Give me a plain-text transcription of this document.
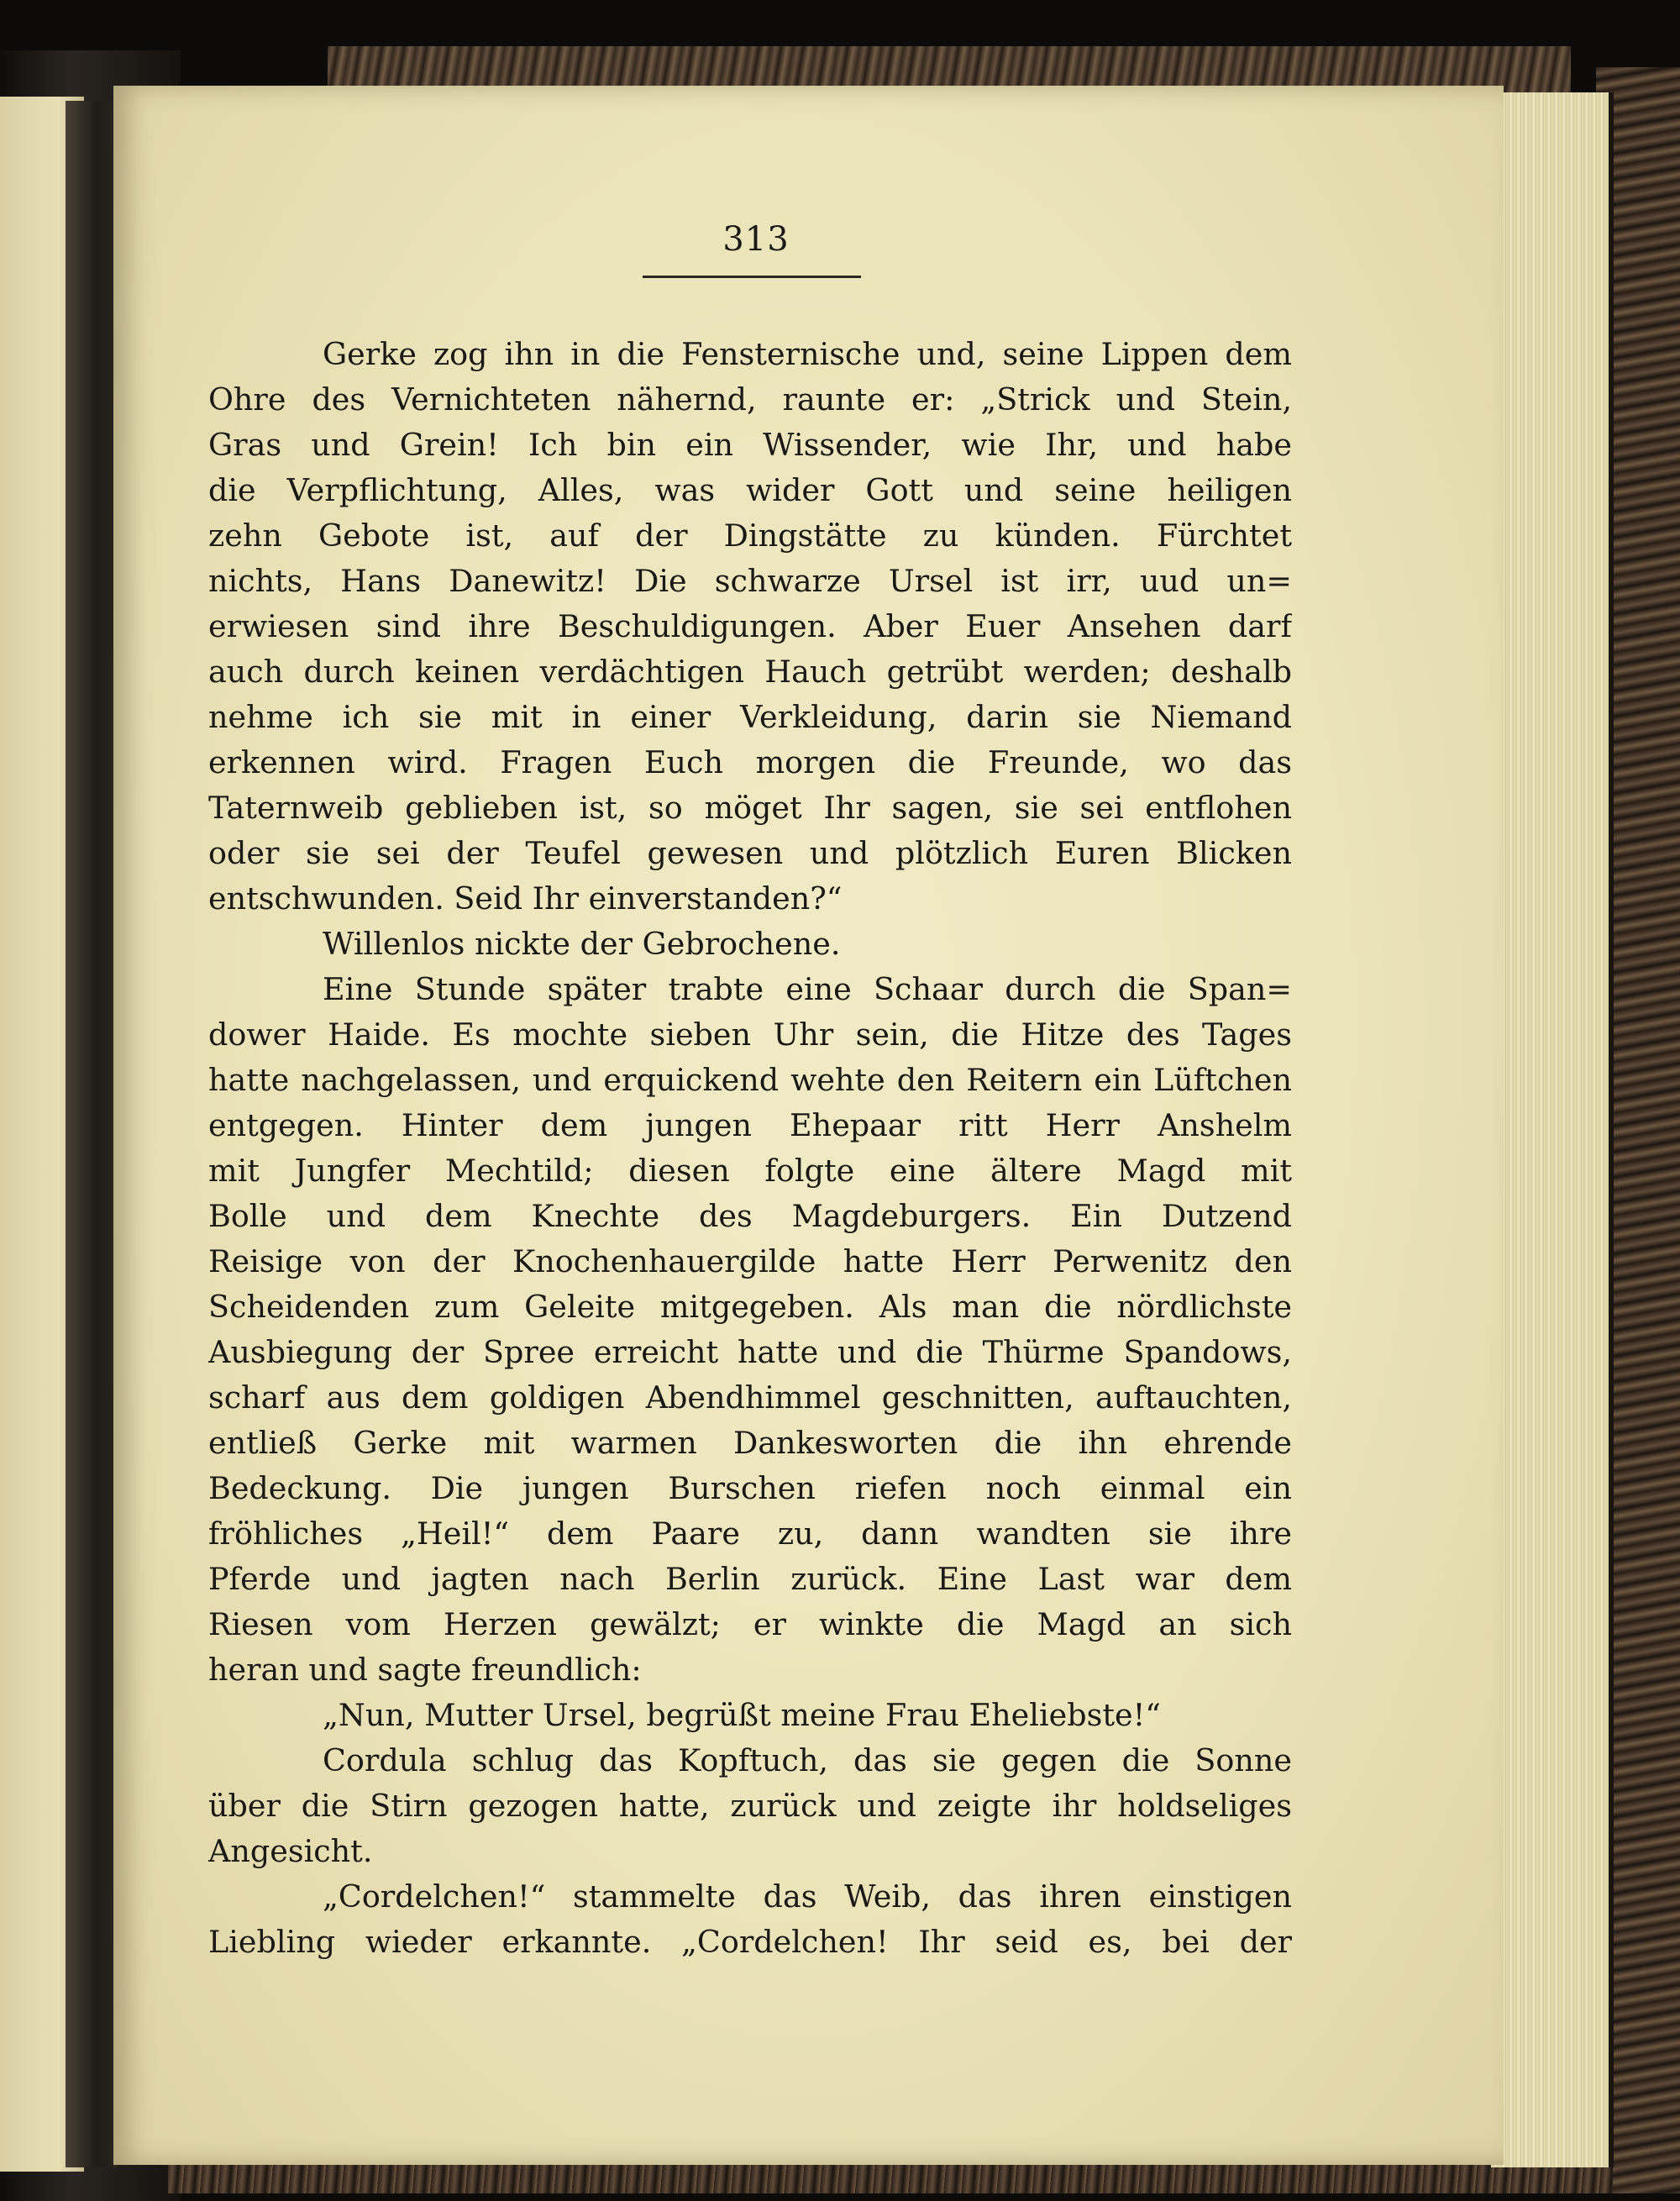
313
Gerke zog ihn in die Fensternische und, seine Lippen dem
Ohre des Vernichteten nähernd, raunte er: „Strick und Stein,
Gras und Grein! Ich bin ein Wissender, wie Ihr, und habe
die Verpflichtung, Alles, was wider Gott und seine heiligen
zehn Gebote ist, auf der Dingstätte zu künden. Fürchtet
nichts, Hans Danewitz! Die schwarze Ursel ist irr, uud un=
erwiesen sind ihre Beschuldigungen. Aber Euer Ansehen darf
auch durch keinen verdächtigen Hauch getrübt werden; deshalb
nehme ich sie mit in einer Verkleidung, darin sie Niemand
erkennen wird. Fragen Euch morgen die Freunde, wo das
Taternweib geblieben ist, so möget Ihr sagen, sie sei entflohen
oder sie sei der Teufel gewesen und plötzlich Euren Blicken
entschwunden. Seid Ihr einverstanden?“
Willenlos nickte der Gebrochene.
Eine Stunde später trabte eine Schaar durch die Span=
dower Haide. Es mochte sieben Uhr sein, die Hitze des Tages
hatte nachgelassen, und erquickend wehte den Reitern ein Lüftchen
entgegen. Hinter dem jungen Ehepaar ritt Herr Anshelm
mit Jungfer Mechtild; diesen folgte eine ältere Magd mit
Bolle und dem Knechte des Magdeburgers. Ein Dutzend
Reisige von der Knochenhauergilde hatte Herr Perwenitz den
Scheidenden zum Geleite mitgegeben. Als man die nördlichste
Ausbiegung der Spree erreicht hatte und die Thürme Spandows,
scharf aus dem goldigen Abendhimmel geschnitten, auftauchten,
entließ Gerke mit warmen Dankesworten die ihn ehrende
Bedeckung. Die jungen Burschen riefen noch einmal ein
fröhliches „Heil!“ dem Paare zu, dann wandten sie ihre
Pferde und jagten nach Berlin zurück. Eine Last war dem
Riesen vom Herzen gewälzt; er winkte die Magd an sich
heran und sagte freundlich:
„Nun, Mutter Ursel, begrüßt meine Frau Eheliebste!“
Cordula schlug das Kopftuch, das sie gegen die Sonne
über die Stirn gezogen hatte, zurück und zeigte ihr holdseliges
Angesicht.
„Cordelchen!“ stammelte das Weib, das ihren einstigen
Liebling wieder erkannte. „Cordelchen! Ihr seid es, bei der
